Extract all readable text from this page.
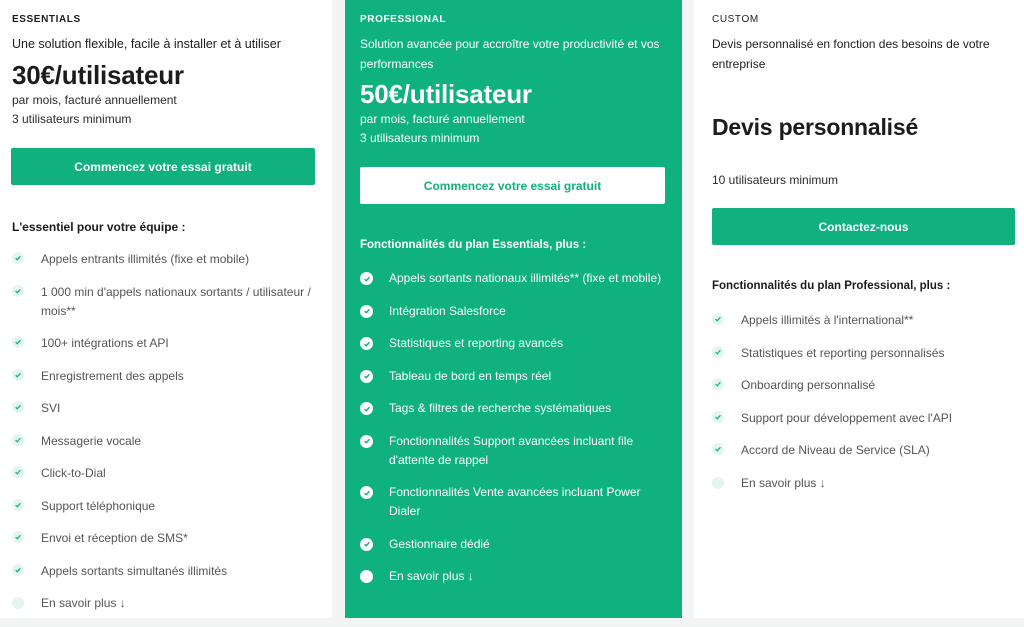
ESSENTIALS
Une solution flexible, facile à installer et à utiliser
30€/utilisateur
par mois, facturé annuellement
3 utilisateurs minimum
Commencez votre essai gratuit
L'essentiel pour votre équipe :
Appels entrants illimités (fixe et mobile)
1 000 min d'appels nationaux sortants / utilisateur / mois**
100+ intégrations et API
Enregistrement des appels
SVI
Messagerie vocale
Click-to-Dial
Support téléphonique
Envoi et réception de SMS*
Appels sortants simultanés illimités
En savoir plus ↓
PROFESSIONAL
Solution avancée pour accroître votre productivité et vos performances
50€/utilisateur
par mois, facturé annuellement
3 utilisateurs minimum
Commencez votre essai gratuit
Fonctionnalités du plan Essentials, plus :
Appels sortants nationaux illimités** (fixe et mobile)
Intégration Salesforce
Statistiques et reporting avancés
Tableau de bord en temps réel
Tags & filtres de recherche systématiques
Fonctionnalités Support avancées incluant file d'attente de rappel
Fonctionnalités Vente avancées incluant Power Dialer
Gestionnaire dédié
En savoir plus ↓
CUSTOM
Devis personnalisé en fonction des besoins de votre entreprise
Devis personnalisé
10 utilisateurs minimum
Contactez-nous
Fonctionnalités du plan Professional, plus :
Appels illimités à l'international**
Statistiques et reporting personnalisés
Onboarding personnalisé
Support pour développement avec l'API
Accord de Niveau de Service (SLA)
En savoir plus ↓
